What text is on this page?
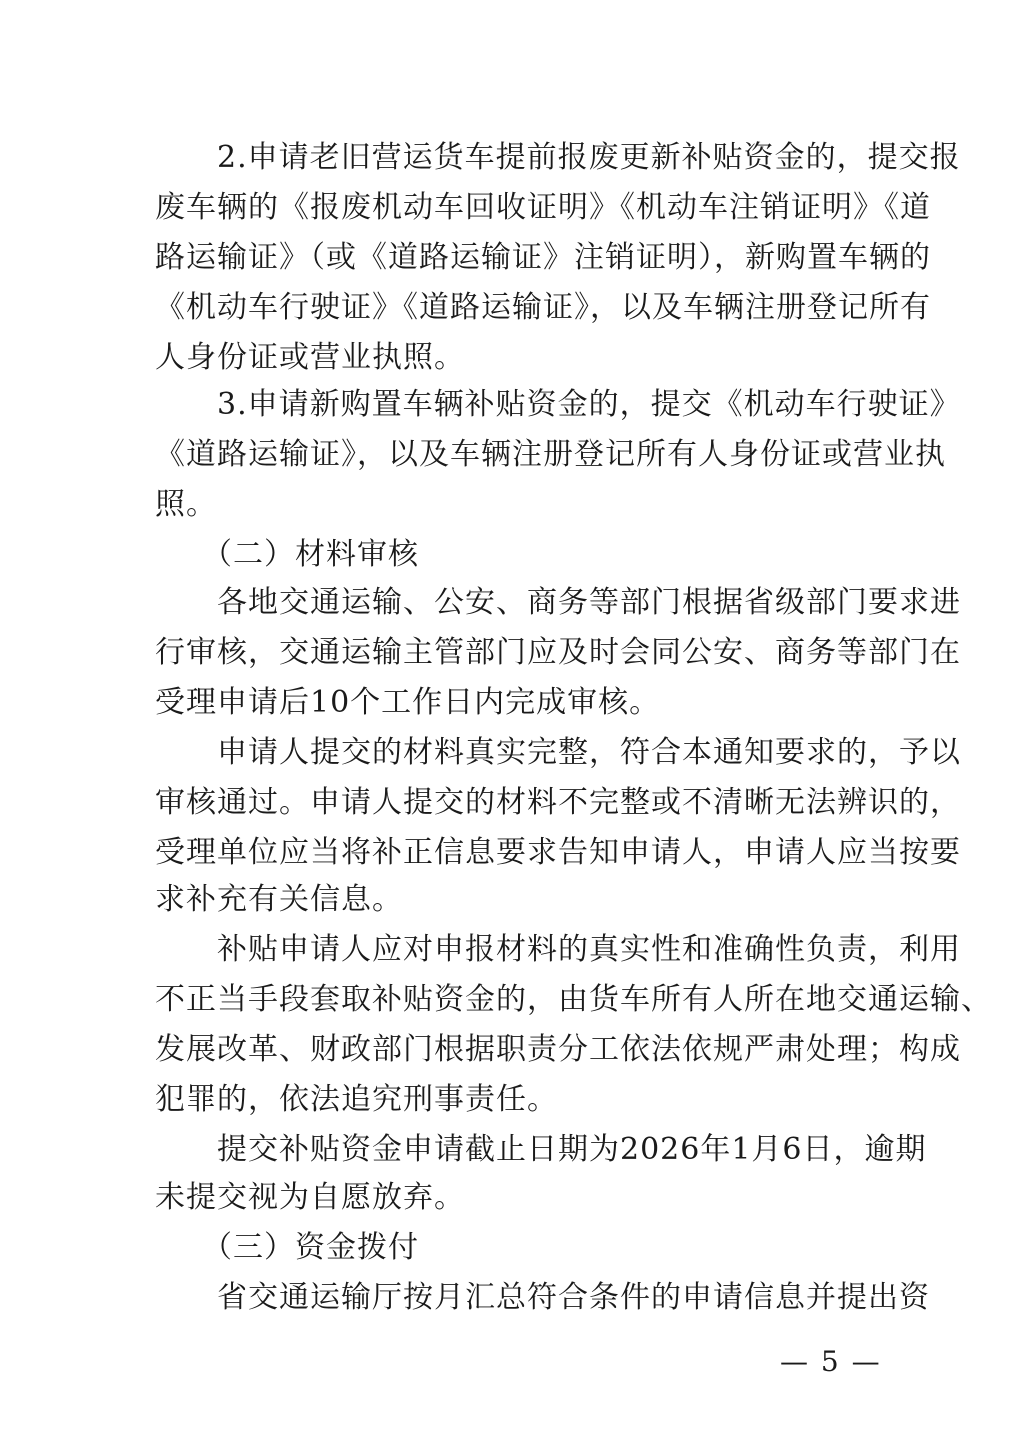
　　2.申请老旧营运货车提前报废更新补贴资金的，提交报
废车辆的《报废机动车回收证明》《机动车注销证明》《道
路运输证》（或《道路运输证》注销证明），新购置车辆的
《机动车行驶证》《道路运输证》，以及车辆注册登记所有
人身份证或营业执照。
　　3.申请新购置车辆补贴资金的，提交《机动车行驶证》
《道路运输证》，以及车辆注册登记所有人身份证或营业执
照。
　　（二）材料审核
　　各地交通运输、公安、商务等部门根据省级部门要求进
行审核，交通运输主管部门应及时会同公安、商务等部门在
受理申请后10个工作日内完成审核。
　　申请人提交的材料真实完整，符合本通知要求的，予以
审核通过。申请人提交的材料不完整或不清晰无法辨识的，
受理单位应当将补正信息要求告知申请人，申请人应当按要
求补充有关信息。
　　补贴申请人应对申报材料的真实性和准确性负责，利用
不正当手段套取补贴资金的，由货车所有人所在地交通运输、
发展改革、财政部门根据职责分工依法依规严肃处理；构成
犯罪的，依法追究刑事责任。
　　提交补贴资金申请截止日期为2026年1月6日，逾期
未提交视为自愿放弃。
　　（三）资金拨付
　　省交通运输厅按月汇总符合条件的申请信息并提出资
— 5 —
